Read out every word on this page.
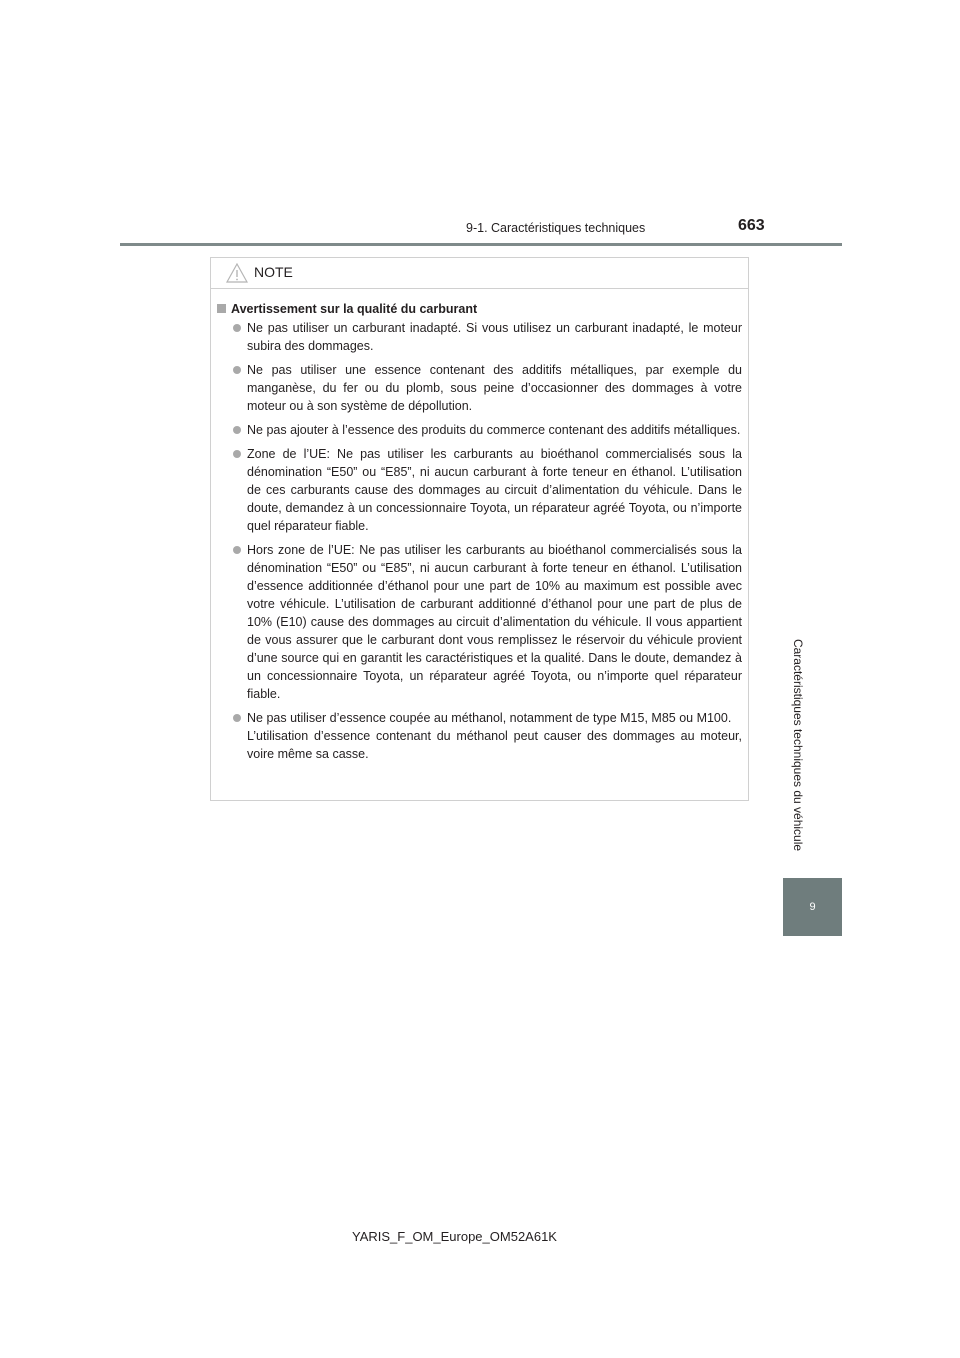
9-1. Caractéristiques techniques	663
Caractéristiques techniques du véhicule
9
NOTE
Avertissement sur la qualité du carburant
Ne pas utiliser un carburant inadapté. Si vous utilisez un carburant inadapté, le moteur subira des dommages.
Ne pas utiliser une essence contenant des additifs métalliques, par exemple du manganèse, du fer ou du plomb, sous peine d’occasionner des dommages à votre moteur ou à son système de dépollution.
Ne pas ajouter à l’essence des produits du commerce contenant des additifs métalliques.
Zone de l’UE: Ne pas utiliser les carburants au bioéthanol commercialisés sous la dénomination “E50” ou “E85”, ni aucun carburant à forte teneur en éthanol. L’utilisation de ces carburants cause des dommages au circuit d’alimentation du véhicule. Dans le doute, demandez à un concessionnaire Toyota, un réparateur agréé Toyota, ou n’importe quel réparateur fiable.
Hors zone de l’UE: Ne pas utiliser les carburants au bioéthanol commercialisés sous la dénomination “E50” ou “E85”, ni aucun carburant à forte teneur en éthanol. L’utilisation d’essence additionnée d’éthanol pour une part de 10% au maximum est possible avec votre véhicule. L’utilisation de carburant additionné d’éthanol pour une part de plus de 10% (E10) cause des dommages au circuit d’alimentation du véhicule. Il vous appartient de vous assurer que le carburant dont vous remplissez le réservoir du véhicule provient d’une source qui en garantit les caractéristiques et la qualité. Dans le doute, demandez à un concessionnaire Toyota, un réparateur agréé Toyota, ou n’importe quel réparateur fiable.
Ne pas utiliser d’essence coupée au méthanol, notamment de type M15, M85 ou M100.
L’utilisation d’essence contenant du méthanol peut causer des dommages au moteur, voire même sa casse.
YARIS_F_OM_Europe_OM52A61K
